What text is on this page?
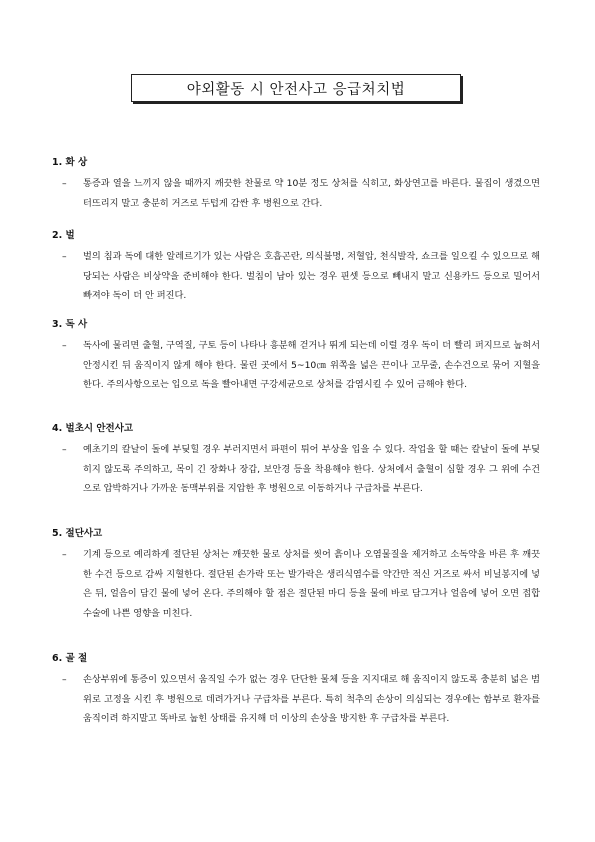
야외활동 시 안전사고 응급처치법
1. 화 상
– 통증과 열을 느끼지 않을 때까지 깨끗한 찬물로 약 10분 정도 상처를 식히고, 화상연고를 바른다. 물집이 생겼으면 터뜨리지 말고 충분히 거즈로 두텁게 감싼 후 병원으로 간다.
2. 벌
– 벌의 침과 독에 대한 알레르기가 있는 사람은 호흡곤란, 의식불명, 저혈압, 천식발작, 쇼크를 일으킬 수 있으므로 해당되는 사람은 비상약을 준비해야 한다. 벌침이 남아 있는 경우 핀셋 등으로 빼내지 말고 신용카드 등으로 밀어서 빠져야 독이 더 안 퍼진다.
3. 독 사
– 독사에 물리면 출혈, 구역질, 구토 등이 나타나 흥분해 걷거나 뛰게 되는데 이럴 경우 독이 더 빨리 퍼지므로 눕혀서 안정시킨 뒤 움직이지 않게 해야 한다. 물린 곳에서 5~10㎝ 위쪽을 넓은 끈이나 고무줄, 손수건으로 묶어 지혈을 한다. 주의사항으로는 입으로 독을 빨아내면 구강세균으로 상처를 감염시킬 수 있어 금해야 한다.
4. 벌초시 안전사고
– 예초기의 칼날이 돌에 부딪힐 경우 부러지면서 파편이 튀어 부상을 입을 수 있다. 작업을 할 때는 칼날이 돌에 부딪히지 않도록 주의하고, 목이 긴 장화나 장갑, 보안경 등을 착용해야 한다. 상처에서 출혈이 심할 경우 그 위에 수건으로 압박하거나 가까운 동맥부위를 지압한 후 병원으로 이동하거나 구급차를 부른다.
5. 절단사고
– 기계 등으로 예리하게 절단된 상처는 깨끗한 물로 상처를 씻어 흙이나 오염물질을 제거하고 소독약을 바른 후 깨끗한 수건 등으로 감싸 지혈한다. 절단된 손가락 또는 발가락은 생리식염수를 약간만 적신 거즈로 싸서 비닐봉지에 넣은 뒤, 얼음이 담긴 물에 넣어 온다. 주의해야 할 점은 절단된 마디 등을 물에 바로 담그거나 얼음에 넣어 오면 접합수술에 나쁜 영향을 미친다.
6. 골 절
– 손상부위에 통증이 있으면서 움직일 수가 없는 경우 단단한 물체 등을 지지대로 해 움직이지 않도록 충분히 넓은 범위로 고정을 시킨 후 병원으로 데려가거나 구급차를 부른다. 특히 척추의 손상이 의심되는 경우에는 함부로 환자를 움직이려 하지말고 똑바로 눕힌 상태를 유지해 더 이상의 손상을 방지한 후 구급차를 부른다.
